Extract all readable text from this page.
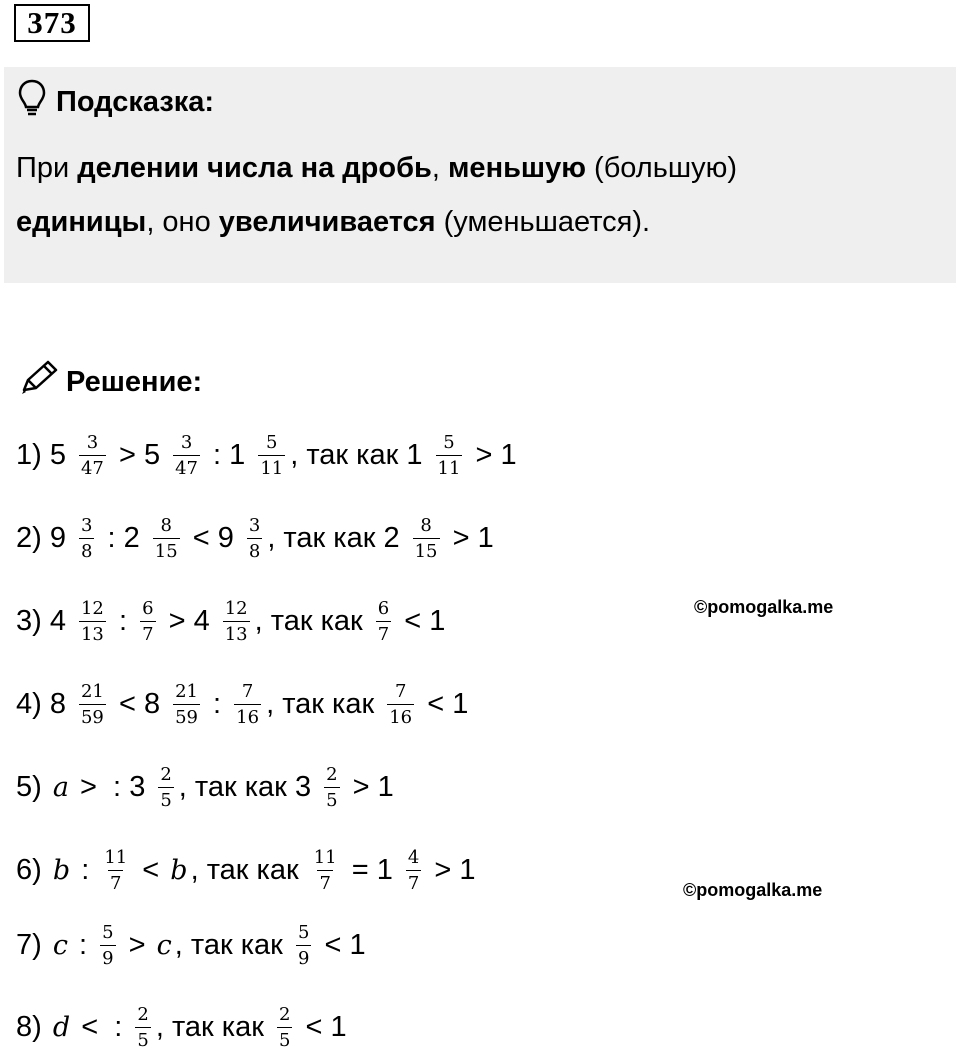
373
Подсказка:
При делении числа на дробь, меньшую (большую)
единицы, оно увеличивается (уменьшается).
Решение:
1) $5 \frac{3}{47} > 5 \frac{3}{47}$ : $1 \frac{5}{11}$ , так как $1 \frac{5}{11} > 1$
2) $9 \frac{3}{8}$ : $2 \frac{8}{15} < 9 \frac{3}{8}$ , так как $2 \frac{8}{15} > 1$
3) $4 \frac{12}{13}$ : $\frac{6}{7} > 4 \frac{12}{13}$ , так как $\frac{6}{7} < 1$
4) $8 \frac{21}{59} < 8 \frac{21}{59}$ : $\frac{7}{16}$ , так как $\frac{7}{16} < 1$
5) a >  : $3 \frac{2}{5}$ , так как $3 \frac{2}{5} > 1$
6) b : $\frac{11}{7} < b$ , так как $\frac{11}{7} = 1 \frac{4}{7} > 1$
7) c : $\frac{5}{9} > c$ , так как $\frac{5}{9} < 1$
8) d <  : $\frac{2}{5}$ , так как $\frac{2}{5} < 1$
©pomogalka.me
©pomogalka.me
